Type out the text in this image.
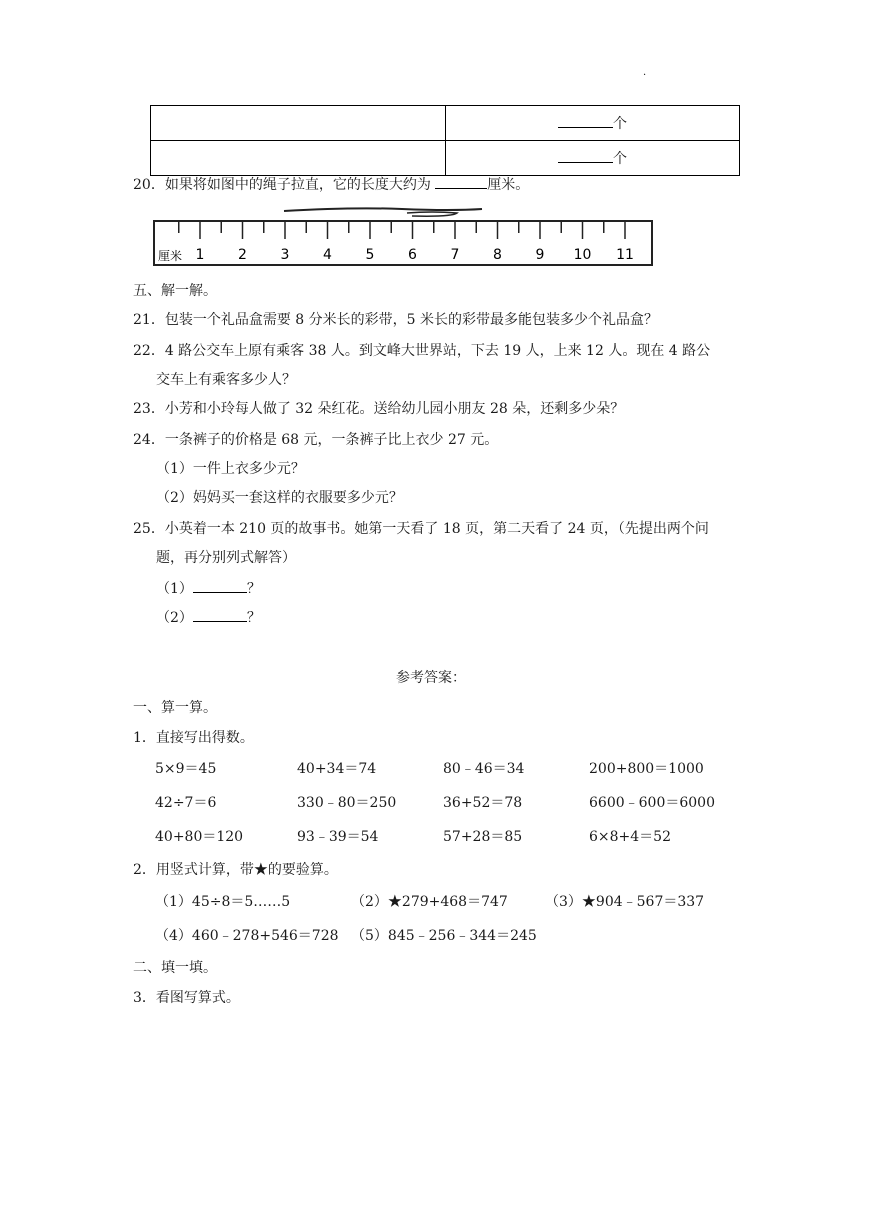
·
	个
	个
20．如果将如图中的绳子拉直，它的长度大约为	厘米。
厘米 1 2 3 4 5 6 7 8 9 10 11
五、解一解。
21．包装一个礼品盒需要 8 分米长的彩带，5 米长的彩带最多能包装多少个礼品盒？
22．4 路公交车上原有乘客 38 人。到文峰大世界站，下去 19 人，上来 12 人。现在 4 路公
交车上有乘客多少人？
23．小芳和小玲每人做了 32 朵红花。送给幼儿园小朋友 28 朵，还剩多少朵？
24．一条裤子的价格是 68 元，一条裤子比上衣少 27 元。
（1）一件上衣多少元？
（2）妈妈买一套这样的衣服要多少元？
25．小英着一本 210 页的故事书。她第一天看了 18 页，第二天看了 24 页，（先提出两个问
题，再分别列式解答）
（1）	？
（2）	？
参考答案：
一、算一算。
1．直接写出得数。
5×9＝45	40+34＝74	80﹣46＝34	200+800＝1000
42÷7＝6	330﹣80＝250	36+52＝78	6600﹣600＝6000
40+80＝120	93﹣39＝54	57+28＝85	6×8+4＝52
2．用竖式计算，带★的要验算。
（1）45÷8＝5……5	（2）★279+468＝747	（3）★904﹣567＝337
（4）460﹣278+546＝728 （5）845﹣256﹣344＝245
二、填一填。
3．看图写算式。
